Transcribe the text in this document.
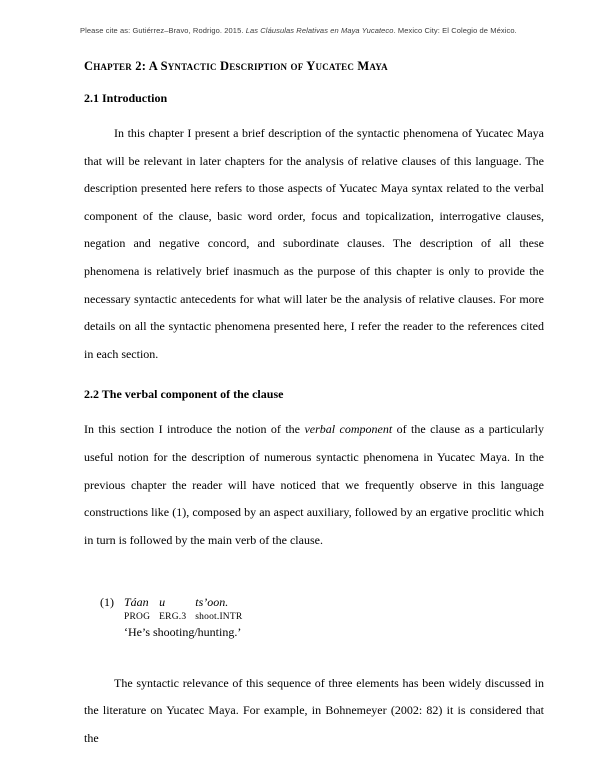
Please cite as: Gutiérrez–Bravo, Rodrigo. 2015. Las Cláusulas Relativas en Maya Yucateco. Mexico City: El Colegio de México.
Chapter 2: A Syntactic Description of Yucatec Maya
2.1 Introduction

In this chapter I present a brief description of the syntactic phenomena of Yucatec Maya that will be relevant in later chapters for the analysis of relative clauses of this language. The description presented here refers to those aspects of Yucatec Maya syntax related to the verbal component of the clause, basic word order, focus and topicalization, interrogative clauses, negation and negative concord, and subordinate clauses. The description of all these phenomena is relatively brief inasmuch as the purpose of this chapter is only to provide the necessary syntactic antecedents for what will later be the analysis of relative clauses. For more details on all the syntactic phenomena presented here, I refer the reader to the references cited in each section.

2.2 The verbal component of the clause

In this section I introduce the notion of the verbal component of the clause as a particularly useful notion for the description of numerous syntactic phenomena in Yucatec Maya. In the previous chapter the reader will have noticed that we frequently observe in this language constructions like (1), composed by an aspect auxiliary, followed by an ergative proclitic which in turn is followed by the main verb of the clause.

(1) Táan
PROG
u
ERG.3
ts’oon.
shoot.INTR
‘He’s shooting/hunting.’

The syntactic relevance of this sequence of three elements has been widely discussed in the literature on Yucatec Maya. For example, in Bohnemeyer (2002: 82) it is considered that the
